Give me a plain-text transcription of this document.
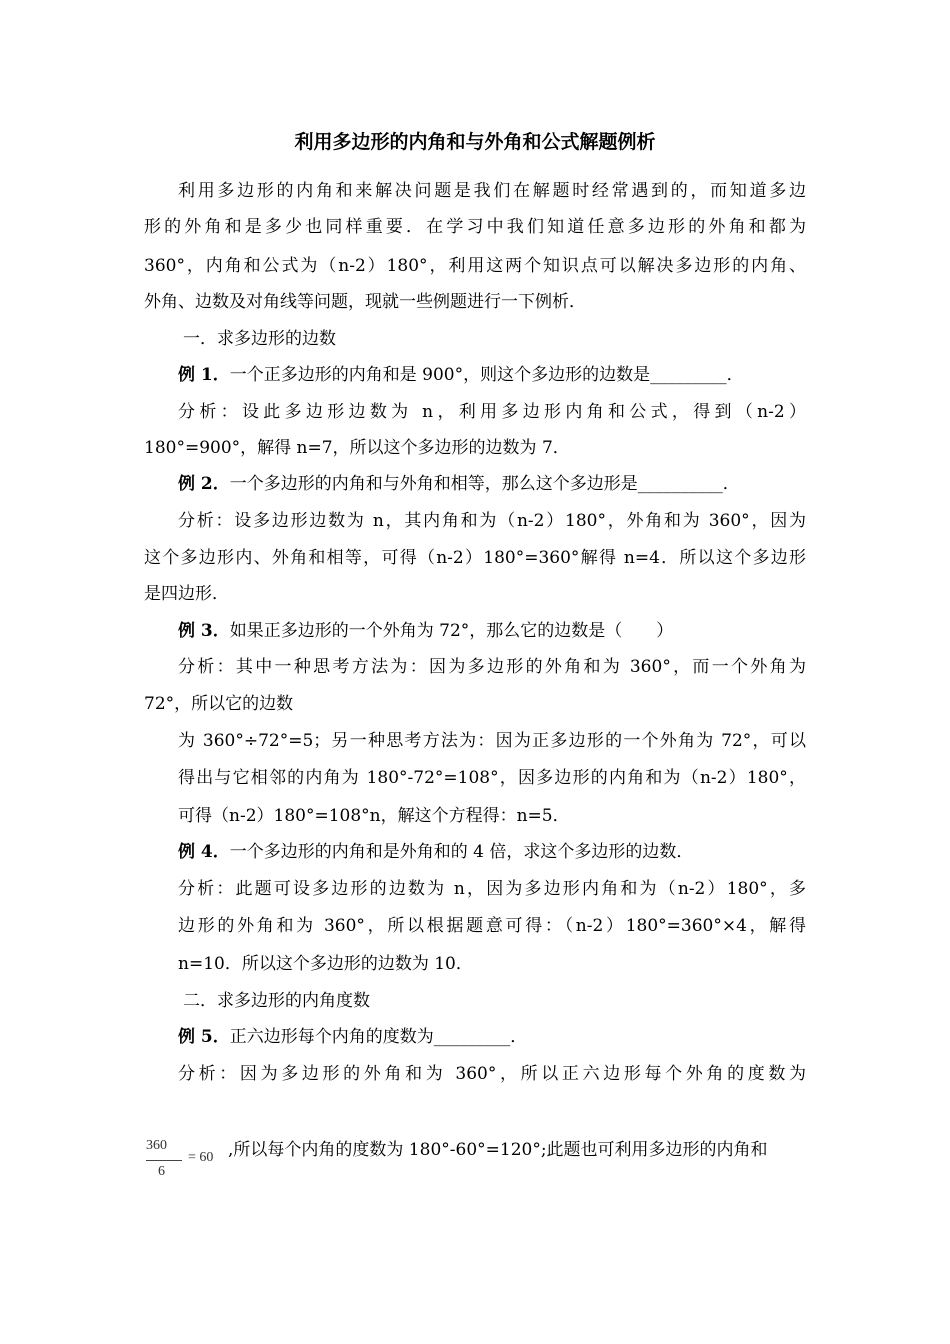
利用多边形的内角和与外角和公式解题例析
利用多边形的内角和来解决问题是我们在解题时经常遇到的，而知道多边
形的外角和是多少也同样重要．在学习中我们知道任意多边形的外角和都为
360°，内角和公式为（n-2）180°，利用这两个知识点可以解决多边形的内角、
外角、边数及对角线等问题，现就一些例题进行一下例析．
一．求多边形的边数
例 1．一个正多边形的内角和是 900°，则这个多边形的边数是_________．
分析：设此多边形边数为 n，利用多边形内角和公式，得到（n-2）
180°=900°，解得 n=7，所以这个多边形的边数为 7．
例 2．一个多边形的内角和与外角和相等，那么这个多边形是__________．
分析：设多边形边数为 n，其内角和为（n-2）180°，外角和为 360°，因为
这个多边形内、外角和相等，可得（n-2）180°=360°解得 n=4．所以这个多边形
是四边形．
例 3．如果正多边形的一个外角为 72°，那么它的边数是（　　）
分析：其中一种思考方法为：因为多边形的外角和为 360°，而一个外角为
72°，所以它的边数
为 360°÷72°=5；另一种思考方法为：因为正多边形的一个外角为 72°，可以
得出与它相邻的内角为 180°-72°=108°，因多边形的内角和为（n-2）180°，
可得（n-2）180°=108°n，解这个方程得：n=5．
例 4．一个多边形的内角和是外角和的 4 倍，求这个多边形的边数．
分析：此题可设多边形的边数为 n，因为多边形内角和为（n-2）180°，多
边形的外角和为 360°，所以根据题意可得：（n-2）180°=360°×4，解得
n=10．所以这个多边形的边数为 10．
二．求多边形的内角度数
例 5．正六边形每个内角的度数为_________．
分析：因为多边形的外角和为 360°，所以正六边形每个外角的度数为
360
6
= 60 ,所以每个内角的度数为 180°-60°=120°;此题也可利用多边形的内角和
